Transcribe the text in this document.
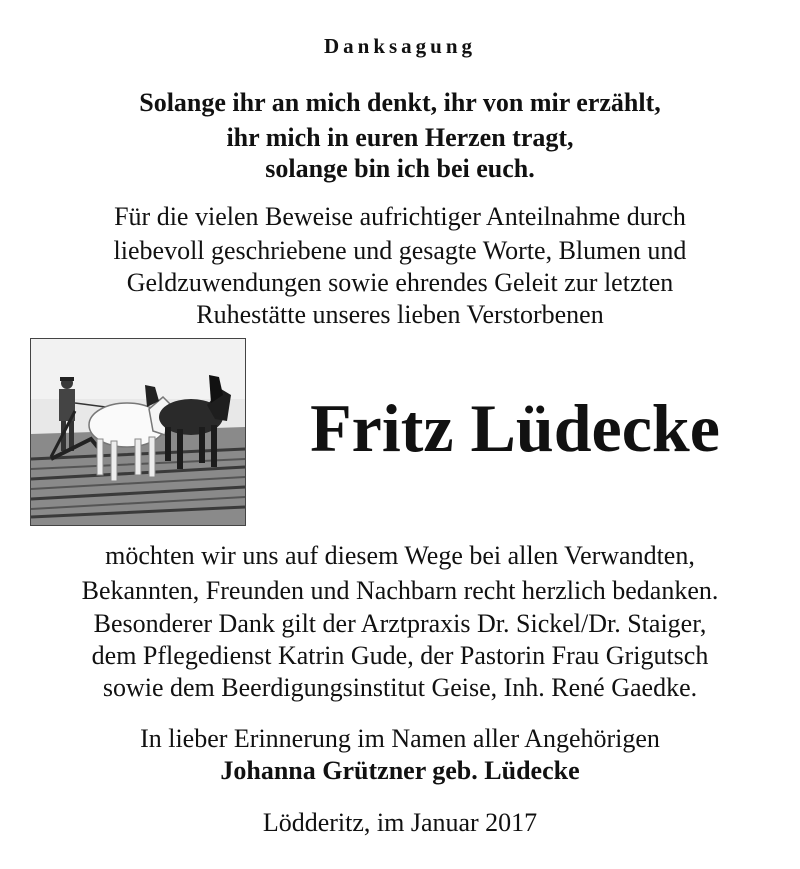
Danksagung
Solange ihr an mich denkt, ihr von mir erzählt,
ihr mich in euren Herzen tragt,
solange bin ich bei euch.
Für die vielen Beweise aufrichtiger Anteilnahme durch
liebevoll geschriebene und gesagte Worte, Blumen und
Geldzuwendungen sowie ehrendes Geleit zur letzten
Ruhestätte unseres lieben Verstorbenen
Fritz Lüdecke
möchten wir uns auf diesem Wege bei allen Verwandten,
Bekannten, Freunden und Nachbarn recht herzlich bedanken.
Besonderer Dank gilt der Arztpraxis Dr. Sickel/Dr. Staiger,
dem Pflegedienst Katrin Gude, der Pastorin Frau Grigutsch
sowie dem Beerdigungsinstitut Geise, Inh. René Gaedke.
In lieber Erinnerung im Namen aller Angehörigen
Johanna Grützner geb. Lüdecke
Lödderitz, im Januar 2017
